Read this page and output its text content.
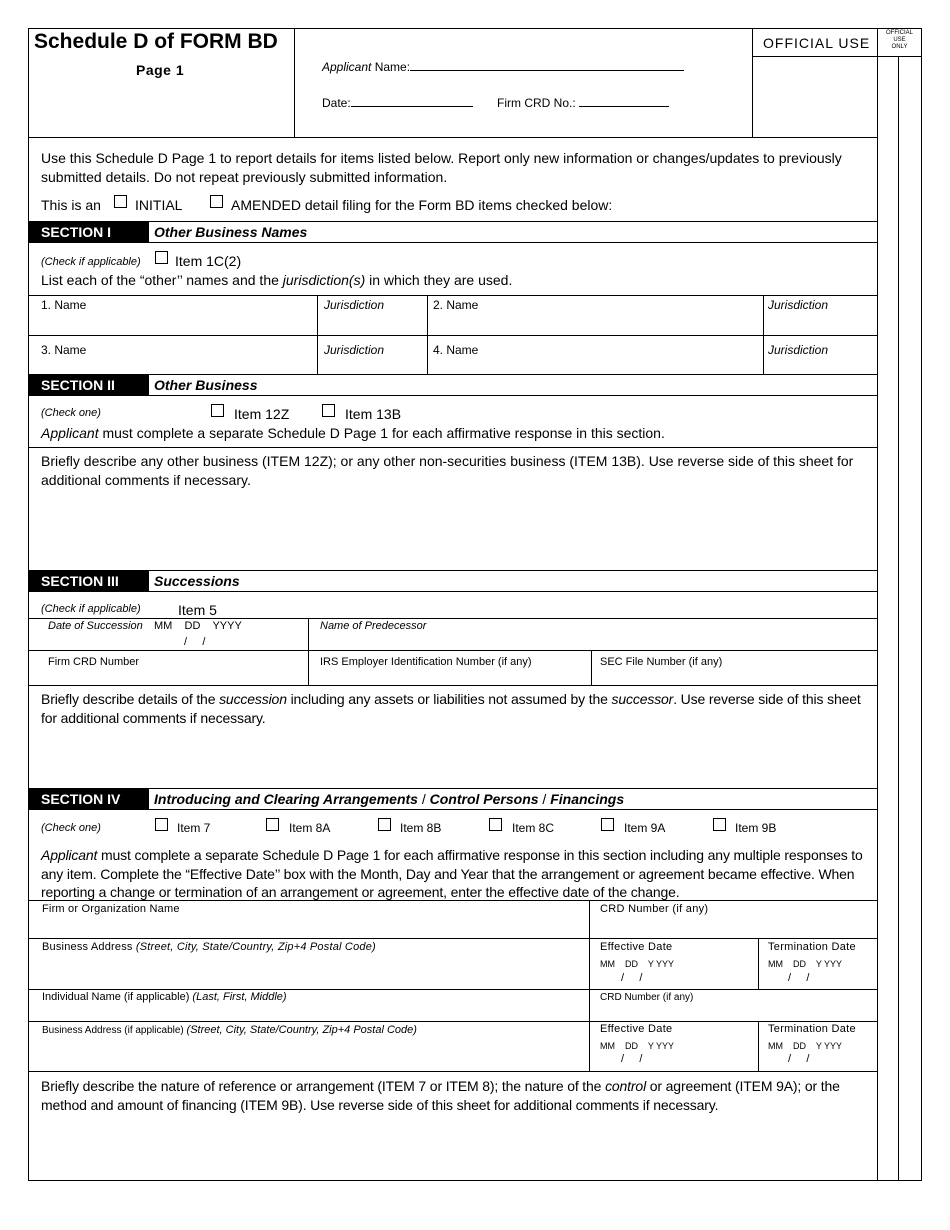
Schedule D of FORM BD
Page 1	Applicant Name:
Date:	Firm CRD No.:
OFFICIAL USE
OFFICIAL
USE
ONLY
Use this Schedule D Page 1 to report details for items listed below. Report only new information or changes/updates to previously submitted details. Do not repeat previously submitted information.
This is an INITIAL	AMENDED detail filing for the Form BD items checked below:
SECTION I	Other Business Names
(Check if applicable) Item 1C(2)
List each of the “other’’ names and the jurisdiction(s) in which they are used.
1. Name	Jurisdiction	2. Name	Jurisdiction
3. Name	Jurisdiction	4. Name	Jurisdiction
SECTION II	Other Business
(Check one)	Item 12Z	Item 13B
Applicant must complete a separate Schedule D Page 1 for each affirmative response in this section.
Briefly describe any other business (ITEM 12Z); or any other non-securities business (ITEM 13B). Use reverse side of this sheet for additional comments if necessary.
SECTION III	Successions
(Check if applicable)	Item 5
Date of Succession MM    DD    YYYY
/     /
Name of Predecessor
Firm CRD Number	IRS Employer Identification Number (if any)	SEC File Number (if any)
Briefly describe details of the succession including any assets or liabilities not assumed by the successor. Use reverse side of this sheet for additional comments if necessary.
SECTION IV	Introducing and Clearing Arrangements / Control Persons / Financings
(Check one)	Item 7	Item 8A	Item 8B	Item 8C	Item 9A	Item 9B
Applicant must complete a separate Schedule D Page 1 for each affirmative response in this section including any multiple responses to any item. Complete the “Effective Date’’ box with the Month, Day and Year that the arrangement or agreement became effective. When reporting a change or termination of an arrangement or agreement, enter the effective date of the change.
Firm or Organization Name	CRD Number (if any)
Business Address (Street, City, State/Country, Zip+4 Postal Code)	Effective Date
MM    DD    Y YYY
/     /
Termination Date
MM    DD    Y YYY
/     /
Individual Name (if applicable) (Last, First, Middle)	CRD Number (if any)
Business Address (if applicable) (Street, City, State/Country, Zip+4 Postal Code)	Effective Date
MM    DD    Y YYY
/     /
Termination Date
MM    DD    Y YYY
/     /
Briefly describe the nature of reference or arrangement (ITEM 7 or ITEM 8); the nature of the control or agreement (ITEM 9A); or the method and amount of financing (ITEM 9B). Use reverse side of this sheet for additional comments if necessary.
